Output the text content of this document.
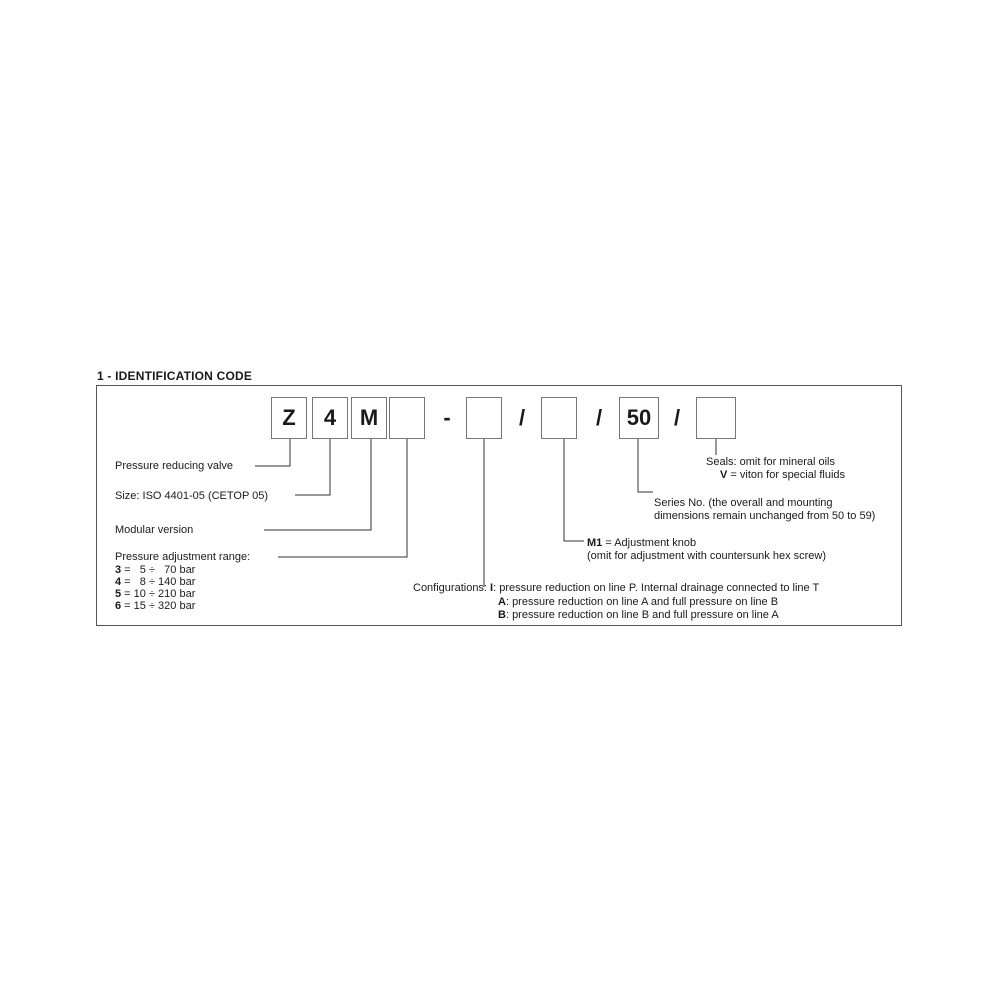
1 - IDENTIFICATION CODE
Z	4	M	-	/	/	50	/
Pressure reducing valve
Size: ISO 4401-05 (CETOP 05)
Modular version
Pressure adjustment range:
3 =   5 ÷   70 bar
4 =   8 ÷ 140 bar
5 = 10 ÷ 210 bar
6 = 15 ÷ 320 bar
Configurations: I: pressure reduction on line P. Internal drainage connected to line T
A: pressure reduction on line A and full pressure on line B
B: pressure reduction on line B and full pressure on line A
M1 = Adjustment knob
(omit for adjustment with countersunk hex screw)
Series No. (the overall and mounting
dimensions remain unchanged from 50 to 59)
Seals: omit for mineral oils
V = viton for special fluids
